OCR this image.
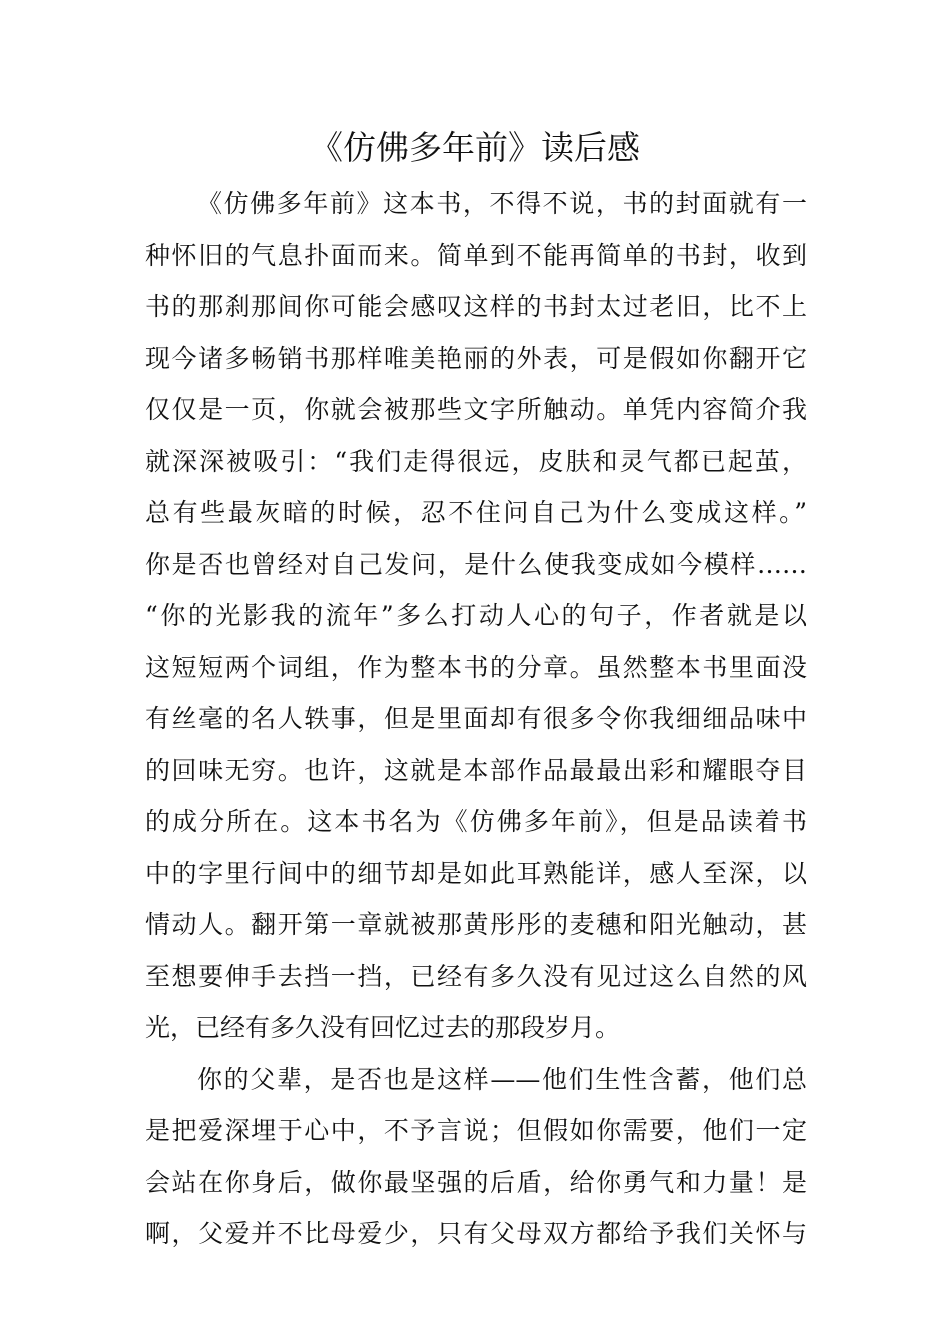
《仿佛多年前》读后感
《仿佛多年前》这本书，不得不说，书的封面就有一
种怀旧的气息扑面而来。简单到不能再简单的书封，收到
书的那刹那间你可能会感叹这样的书封太过老旧，比不上
现今诸多畅销书那样唯美艳丽的外表，可是假如你翻开它
仅仅是一页，你就会被那些文字所触动。单凭内容简介我
就深深被吸引：“我们走得很远，皮肤和灵气都已起茧，
总有些最灰暗的时候，忍不住问自己为什么变成这样。”
你是否也曾经对自己发问，是什么使我变成如今模样……
“你的光影我的流年”多么打动人心的句子，作者就是以
这短短两个词组，作为整本书的分章。虽然整本书里面没
有丝毫的名人轶事，但是里面却有很多令你我细细品味中
的回味无穷。也许，这就是本部作品最最出彩和耀眼夺目
的成分所在。这本书名为《仿佛多年前》，但是品读着书
中的字里行间中的细节却是如此耳熟能详，感人至深，以
情动人。翻开第一章就被那黄彤彤的麦穗和阳光触动，甚
至想要伸手去挡一挡，已经有多久没有见过这么自然的风
光，已经有多久没有回忆过去的那段岁月。
你的父辈，是否也是这样——他们生性含蓄，他们总
是把爱深埋于心中，不予言说；但假如你需要，他们一定
会站在你身后，做你最坚强的后盾，给你勇气和力量！是
啊，父爱并不比母爱少，只有父母双方都给予我们关怀与
